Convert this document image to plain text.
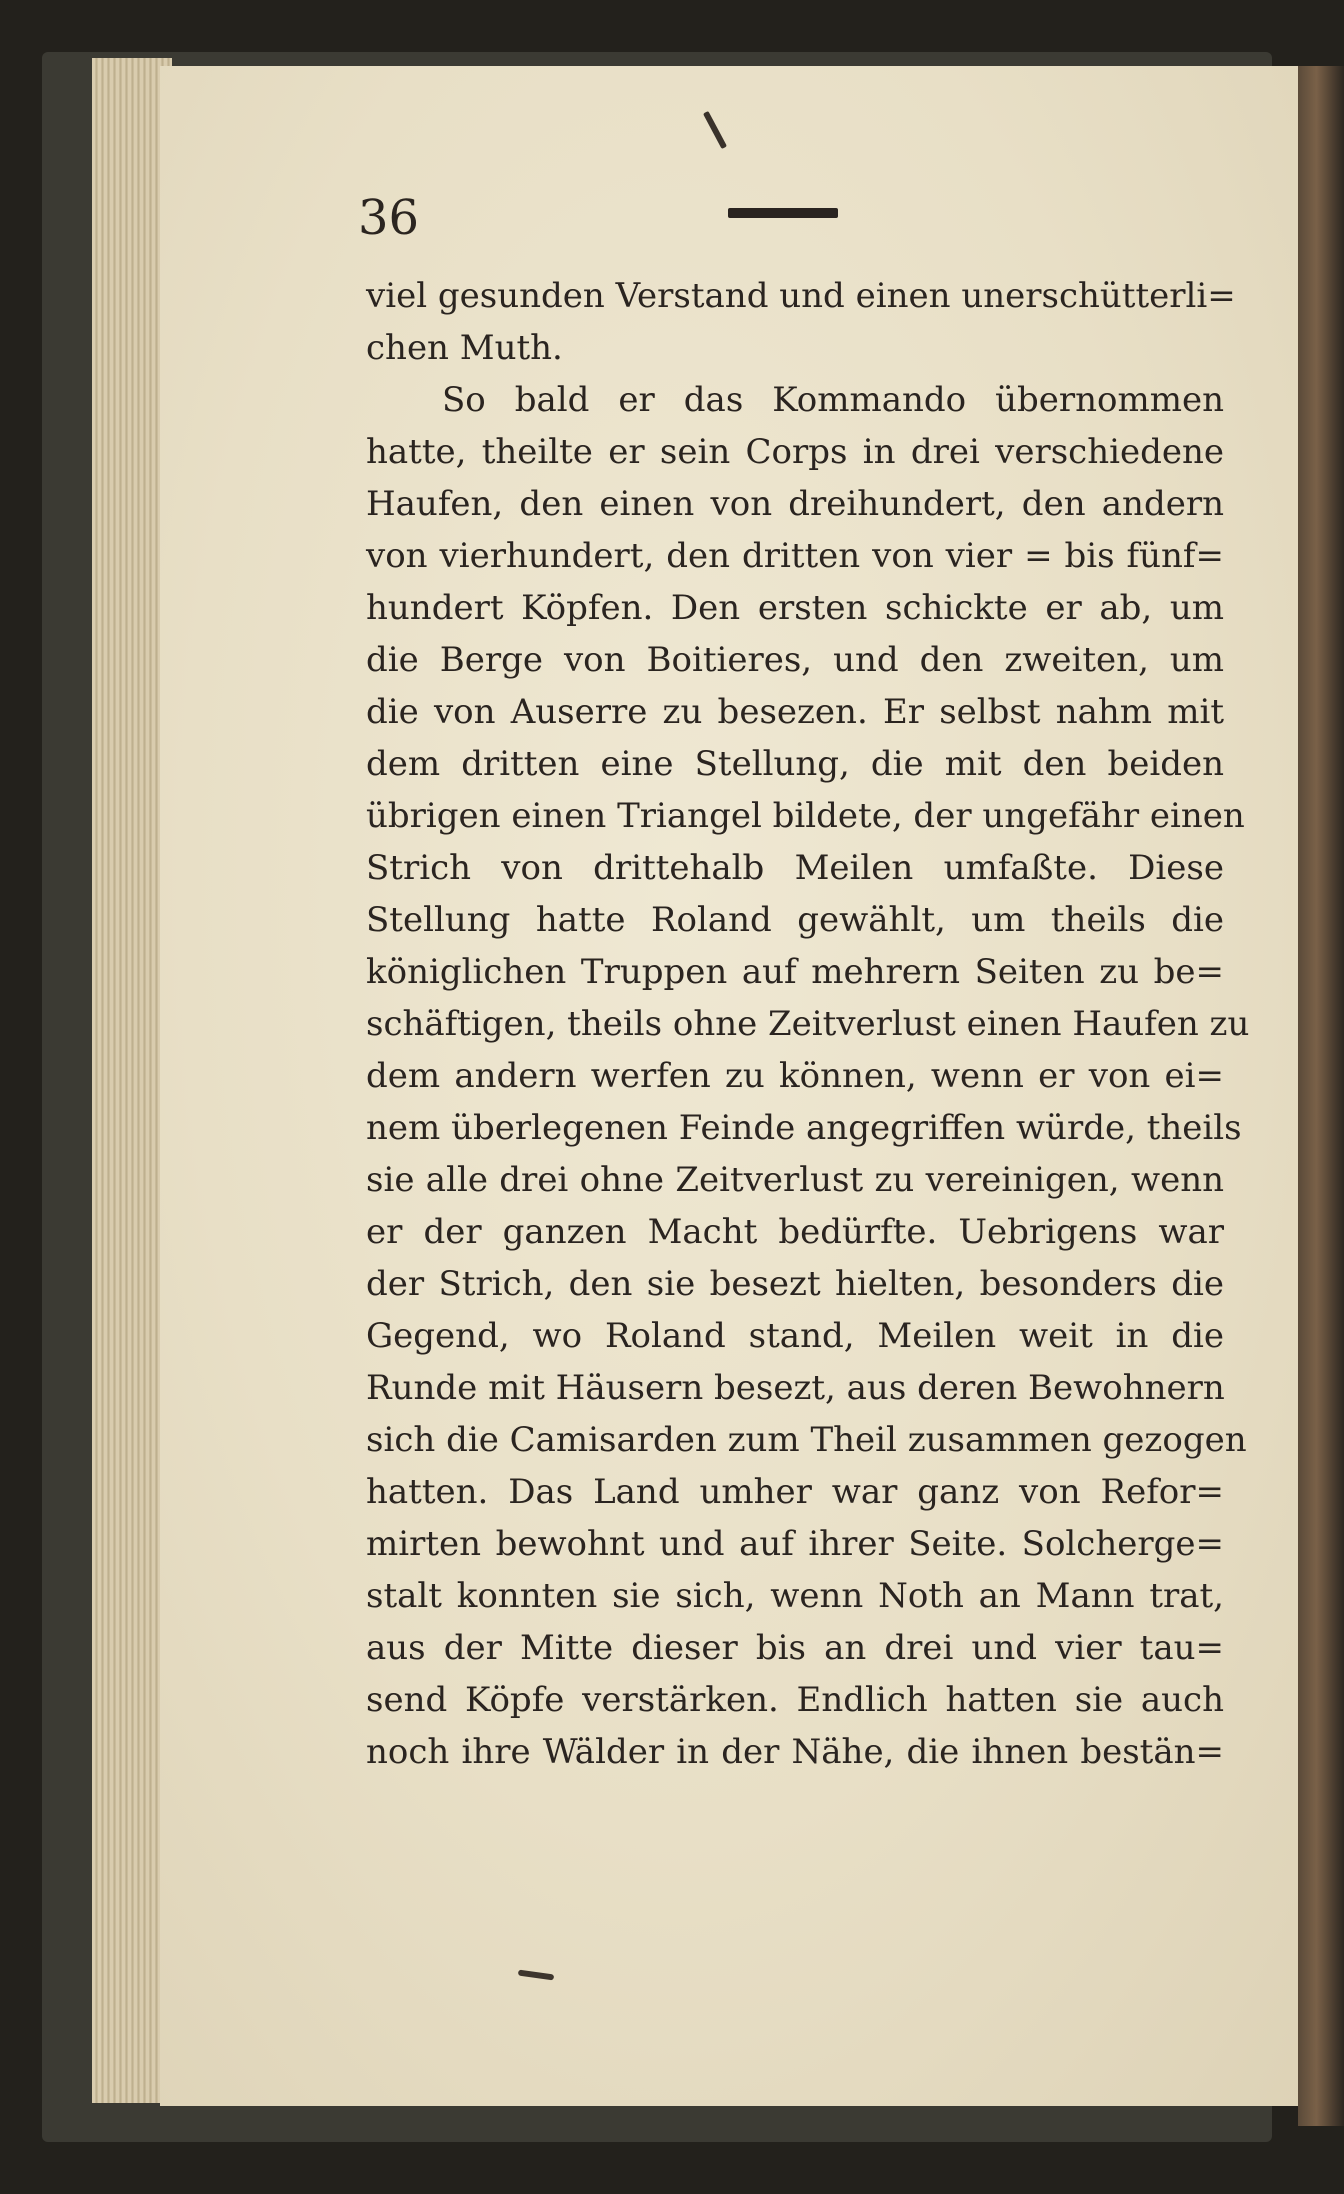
36
viel gesunden Verstand und einen unerschütterli=
chen Muth.
So bald er das Kommando übernommen
hatte, theilte er sein Corps in drei verschiedene
Haufen, den einen von dreihundert, den andern
von vierhundert, den dritten von vier = bis fünf=
hundert Köpfen. Den ersten schickte er ab, um
die Berge von Boitieres, und den zweiten, um
die von Auserre zu besezen. Er selbst nahm mit
dem dritten eine Stellung, die mit den beiden
übrigen einen Triangel bildete, der ungefähr einen
Strich von drittehalb Meilen umfaßte. Diese
Stellung hatte Roland gewählt, um theils die
königlichen Truppen auf mehrern Seiten zu be=
schäftigen, theils ohne Zeitverlust einen Haufen zu
dem andern werfen zu können, wenn er von ei=
nem überlegenen Feinde angegriffen würde, theils
sie alle drei ohne Zeitverlust zu vereinigen, wenn
er der ganzen Macht bedürfte. Uebrigens war
der Strich, den sie besezt hielten, besonders die
Gegend, wo Roland stand, Meilen weit in die
Runde mit Häusern besezt, aus deren Bewohnern
sich die Camisarden zum Theil zusammen gezogen
hatten. Das Land umher war ganz von Refor=
mirten bewohnt und auf ihrer Seite. Solcherge=
stalt konnten sie sich, wenn Noth an Mann trat,
aus der Mitte dieser bis an drei und vier tau=
send Köpfe verstärken. Endlich hatten sie auch
noch ihre Wälder in der Nähe, die ihnen bestän=
